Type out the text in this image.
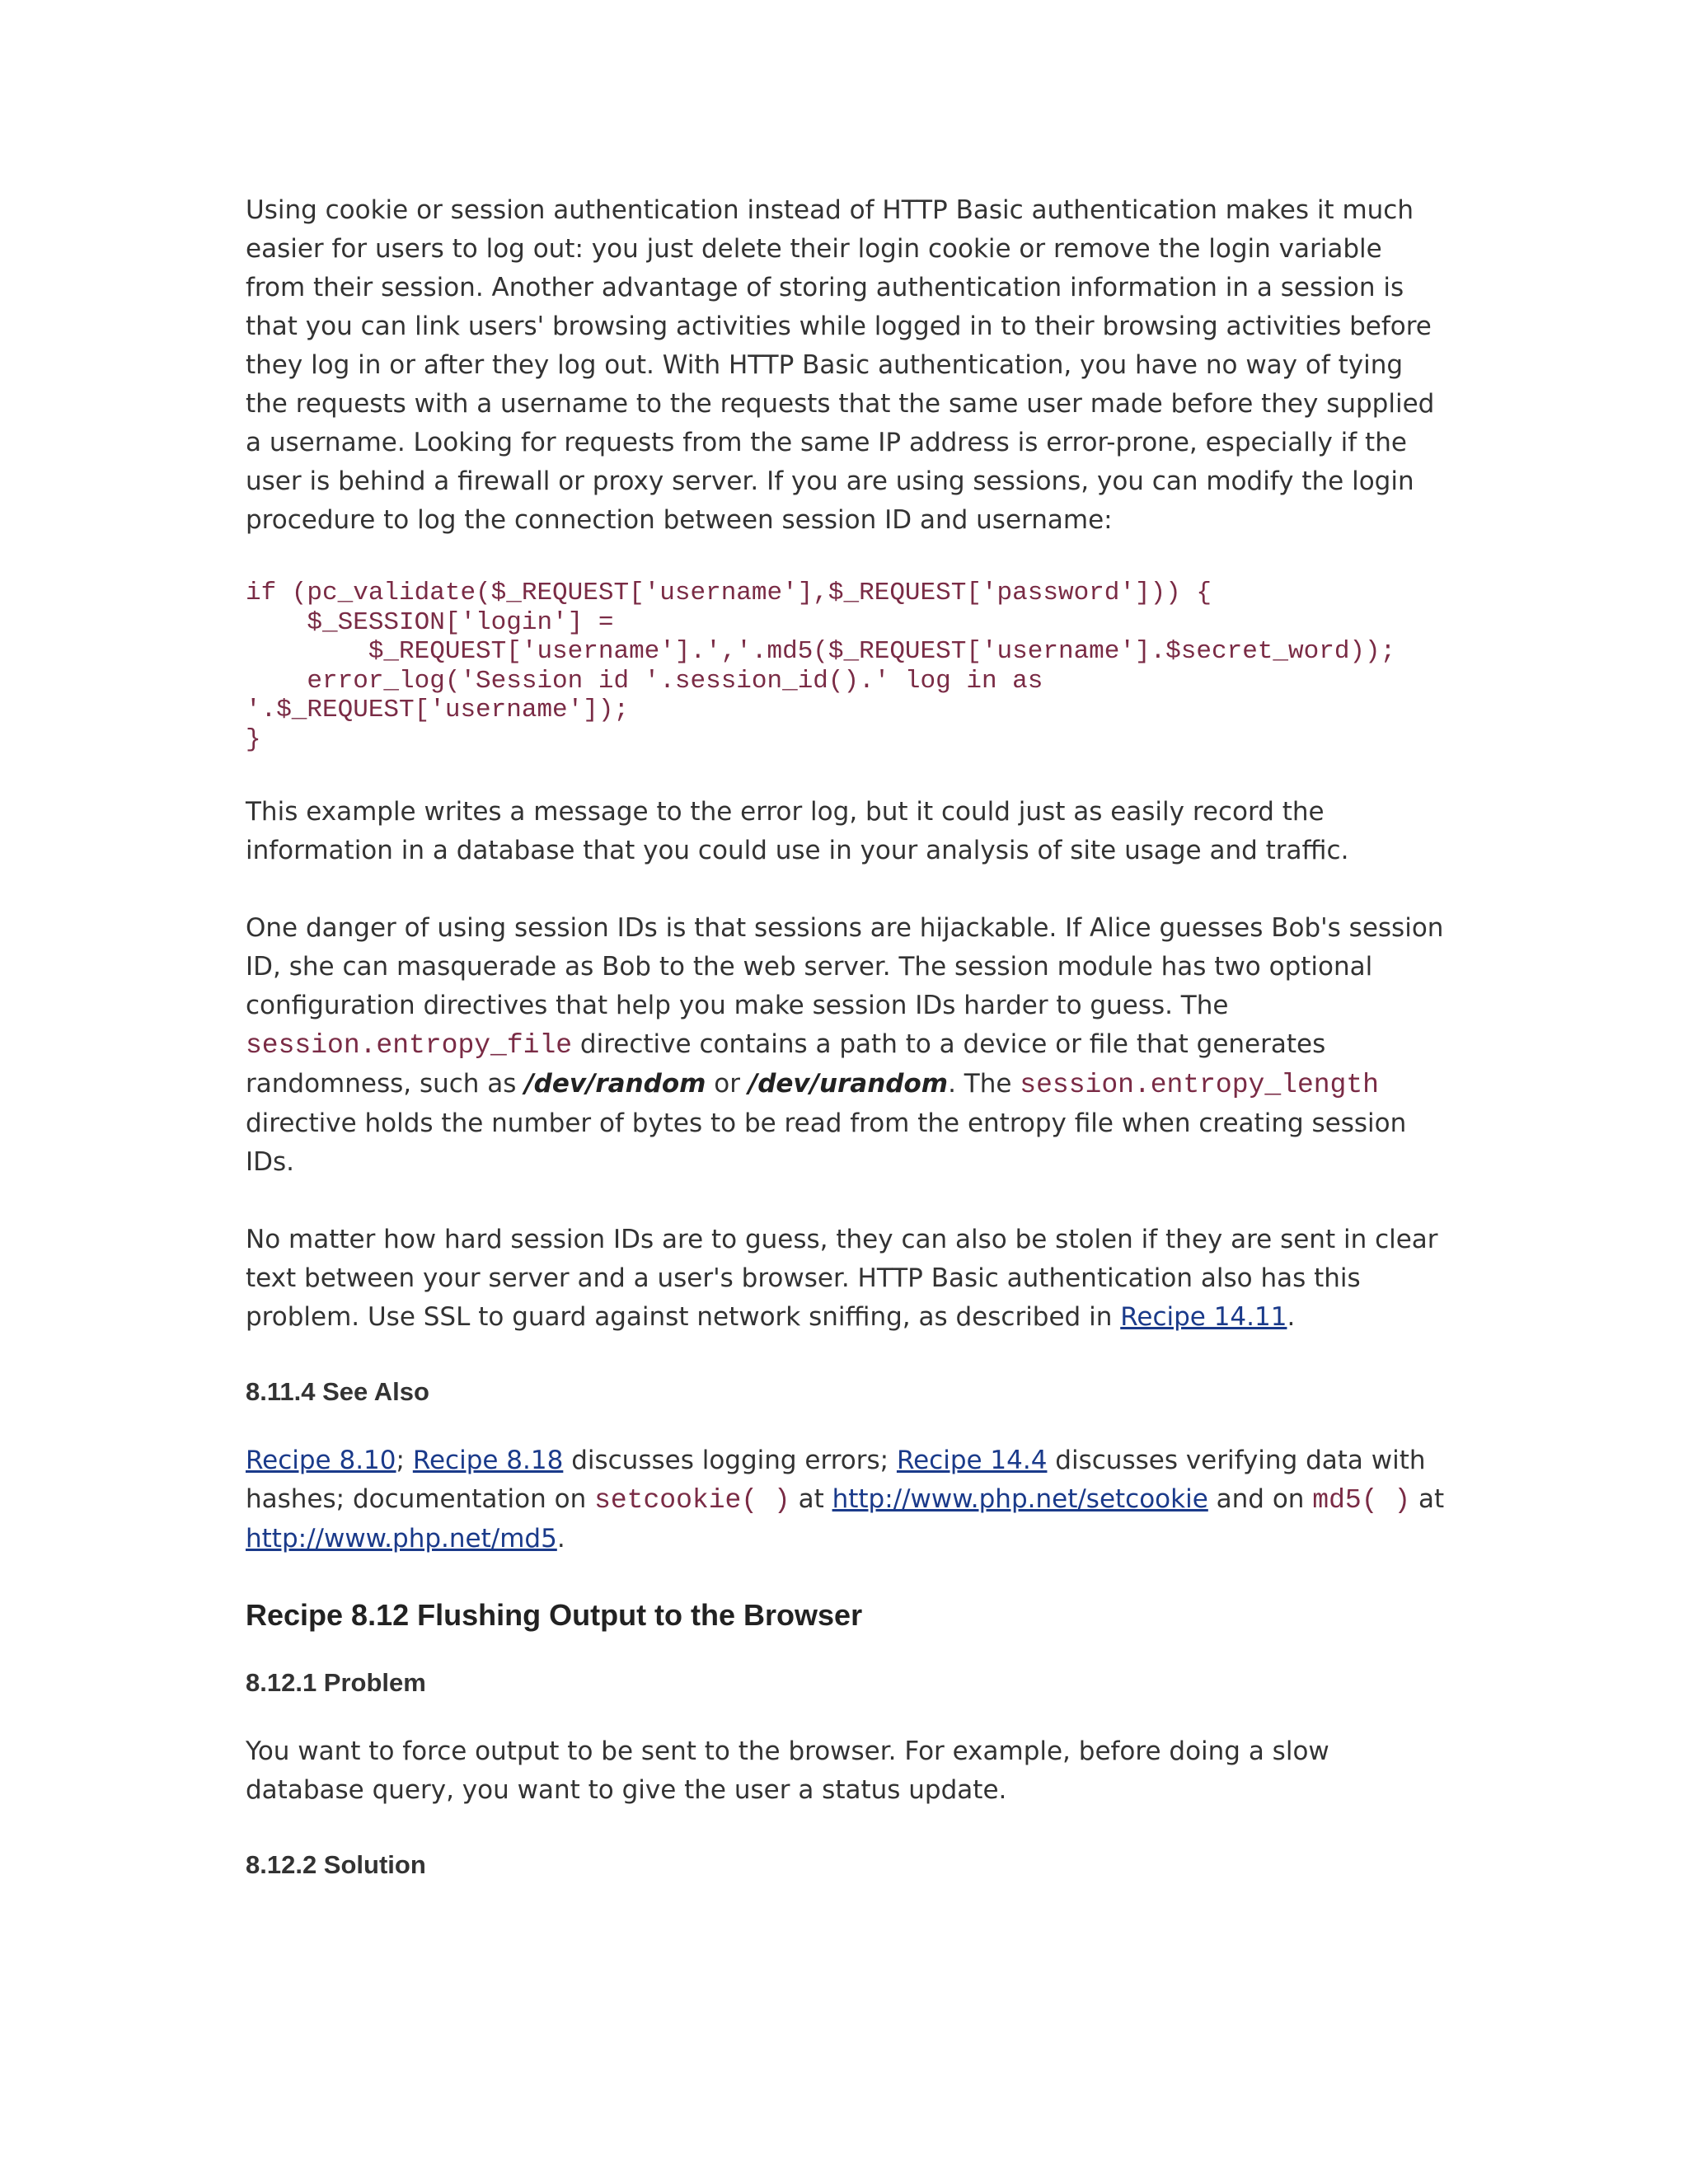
Using cookie or session authentication instead of HTTP Basic authentication makes it much easier for users to log out: you just delete their login cookie or remove the login variable from their session. Another advantage of storing authentication information in a session is that you can link users' browsing activities while logged in to their browsing activities before they log in or after they log out. With HTTP Basic authentication, you have no way of tying the requests with a username to the requests that the same user made before they supplied a username. Looking for requests from the same IP address is error-prone, especially if the user is behind a firewall or proxy server. If you are using sessions, you can modify the login procedure to log the connection between session ID and username:

if (pc_validate($_REQUEST['username'],$_REQUEST['password'])) {
$_SESSION['login'] =
$_REQUEST['username'].','.md5($_REQUEST['username'].$secret_word));
error_log('Session id '.session_id().' log in as
'.$_REQUEST['username']);
}

This example writes a message to the error log, but it could just as easily record the information in a database that you could use in your analysis of site usage and traffic.

One danger of using session IDs is that sessions are hijackable. If Alice guesses Bob's session ID, she can masquerade as Bob to the web server. The session module has two optional configuration directives that help you make session IDs harder to guess. The session.entropy_file directive contains a path to a device or file that generates randomness, such as /dev/random or /dev/urandom. The session.entropy_length directive holds the number of bytes to be read from the entropy file when creating session IDs.

No matter how hard session IDs are to guess, they can also be stolen if they are sent in clear text between your server and a user's browser. HTTP Basic authentication also has this problem. Use SSL to guard against network sniffing, as described in Recipe 14.11.

8.11.4 See Also

Recipe 8.10; Recipe 8.18 discusses logging errors; Recipe 14.4 discusses verifying data with hashes; documentation on setcookie( ) at http://www.php.net/setcookie and on md5( ) at http://www.php.net/md5.

Recipe 8.12 Flushing Output to the Browser
8.12.1 Problem

You want to force output to be sent to the browser. For example, before doing a slow database query, you want to give the user a status update.

8.12.2 Solution
